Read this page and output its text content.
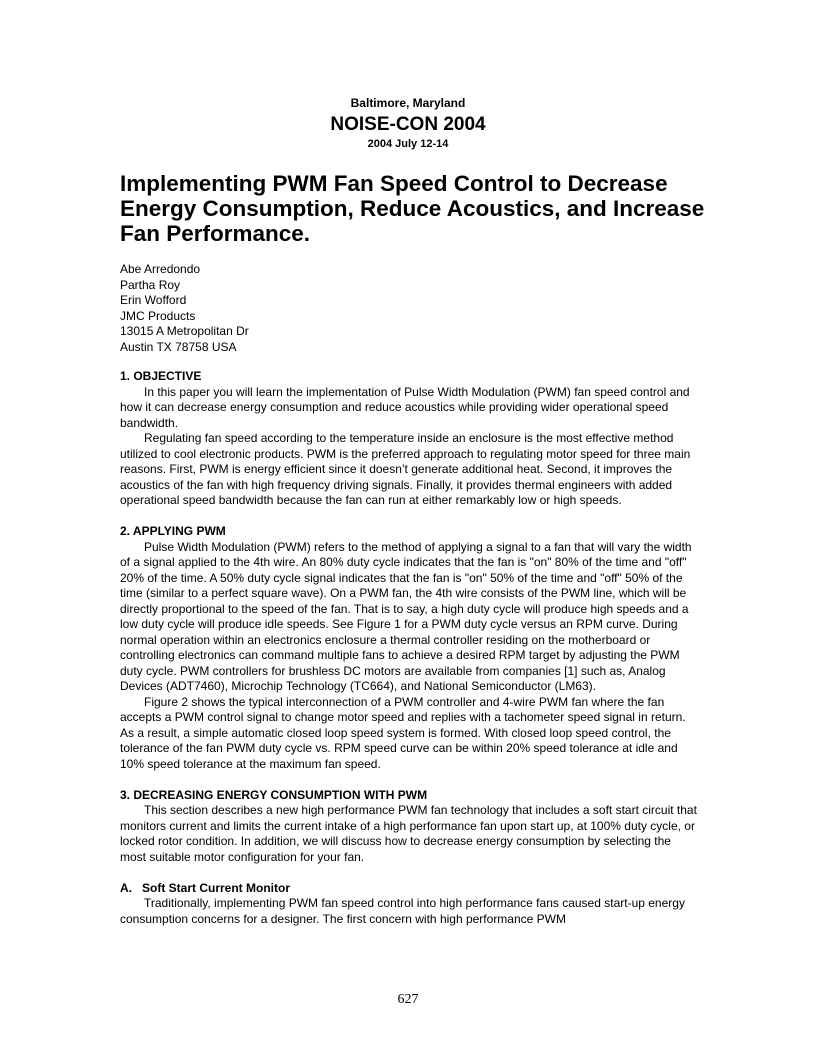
Baltimore, Maryland
NOISE-CON 2004
2004 July 12-14
Implementing PWM Fan Speed Control to Decrease Energy Consumption, Reduce Acoustics, and Increase Fan Performance.
Abe Arredondo
Partha Roy
Erin Wofford
JMC Products
13015 A Metropolitan Dr
Austin TX 78758 USA

1. OBJECTIVE

In this paper you will learn the implementation of Pulse Width Modulation (PWM) fan speed control and how it can decrease energy consumption and reduce acoustics while providing wider operational speed bandwidth.

Regulating fan speed according to the temperature inside an enclosure is the most effective method utilized to cool electronic products. PWM is the preferred approach to regulating motor speed for three main reasons. First, PWM is energy efficient since it doesn’t generate additional heat. Second, it improves the acoustics of the fan with high frequency driving signals. Finally, it provides thermal engineers with added operational speed bandwidth because the fan can run at either remarkably low or high speeds.

2. APPLYING PWM

Pulse Width Modulation (PWM) refers to the method of applying a signal to a fan that will vary the width of a signal applied to the 4th wire. An 80% duty cycle indicates that the fan is "on" 80% of the time and "off" 20% of the time. A 50% duty cycle signal indicates that the fan is "on" 50% of the time and "off" 50% of the time (similar to a perfect square wave). On a PWM fan, the 4th wire consists of the PWM line, which will be directly proportional to the speed of the fan. That is to say, a high duty cycle will produce high speeds and a low duty cycle will produce idle speeds. See Figure 1 for a PWM duty cycle versus an RPM curve. During normal operation within an electronics enclosure a thermal controller residing on the motherboard or controlling electronics can command multiple fans to achieve a desired RPM target by adjusting the PWM duty cycle. PWM controllers for brushless DC motors are available from companies [1] such as, Analog Devices (ADT7460), Microchip Technology (TC664), and National Semiconductor (LM63).

Figure 2 shows the typical interconnection of a PWM controller and 4-wire PWM fan where the fan accepts a PWM control signal to change motor speed and replies with a tachometer speed signal in return. As a result, a simple automatic closed loop speed system is formed. With closed loop speed control, the tolerance of the fan PWM duty cycle vs. RPM speed curve can be within 20% speed tolerance at idle and 10% speed tolerance at the maximum fan speed.

3. DECREASING ENERGY CONSUMPTION WITH PWM

This section describes a new high performance PWM fan technology that includes a soft start circuit that monitors current and limits the current intake of a high performance fan upon start up, at 100% duty cycle, or locked rotor condition. In addition, we will discuss how to decrease energy consumption by selecting the most suitable motor configuration for your fan.

A.   Soft Start Current Monitor

Traditionally, implementing PWM fan speed control into high performance fans caused start-up energy consumption concerns for a designer. The first concern with high performance PWM

627
